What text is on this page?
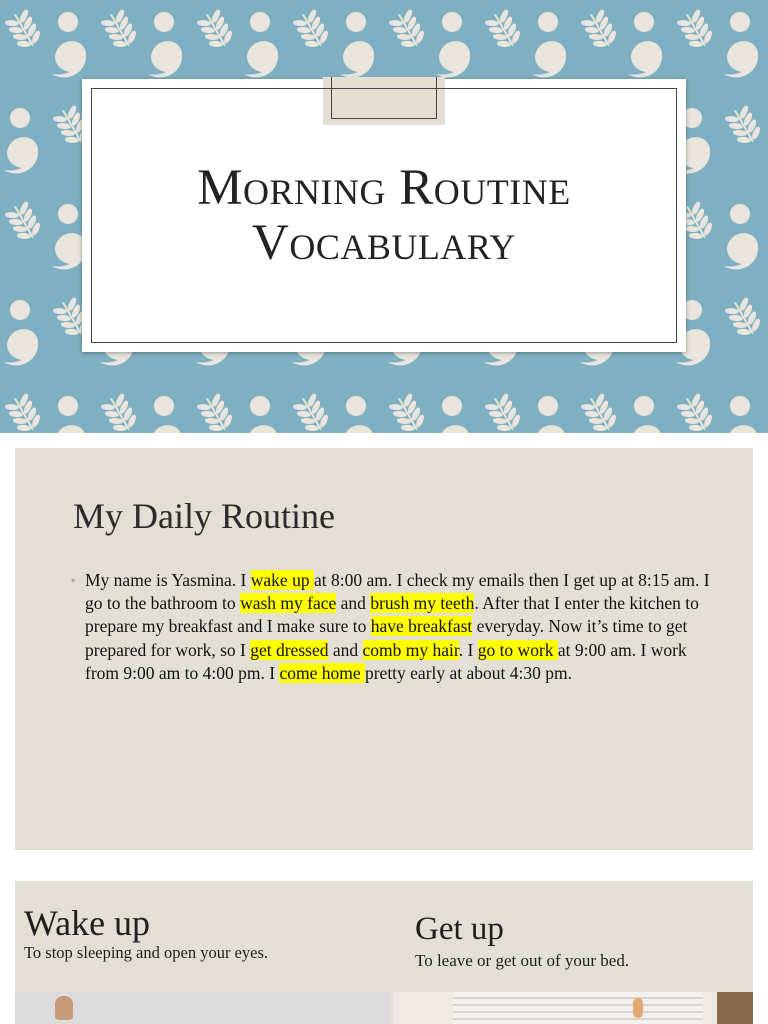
Morning Routine
Vocabulary
My Daily Routine
◦ My name is Yasmina. I wake up at 8:00 am. I check my emails then I get up at 8:15 am. I go to the bathroom to wash my face and brush my teeth. After that I enter the kitchen to prepare my breakfast and I make sure to have breakfast everyday. Now it’s time to get prepared for work, so I get dressed and comb my hair. I go to work at 9:00 am. I work from 9:00 am to 4:00 pm. I come home pretty early at about 4:30 pm.
Wake up
To stop sleeping and open your eyes.
Get up
To leave or get out of your bed.
